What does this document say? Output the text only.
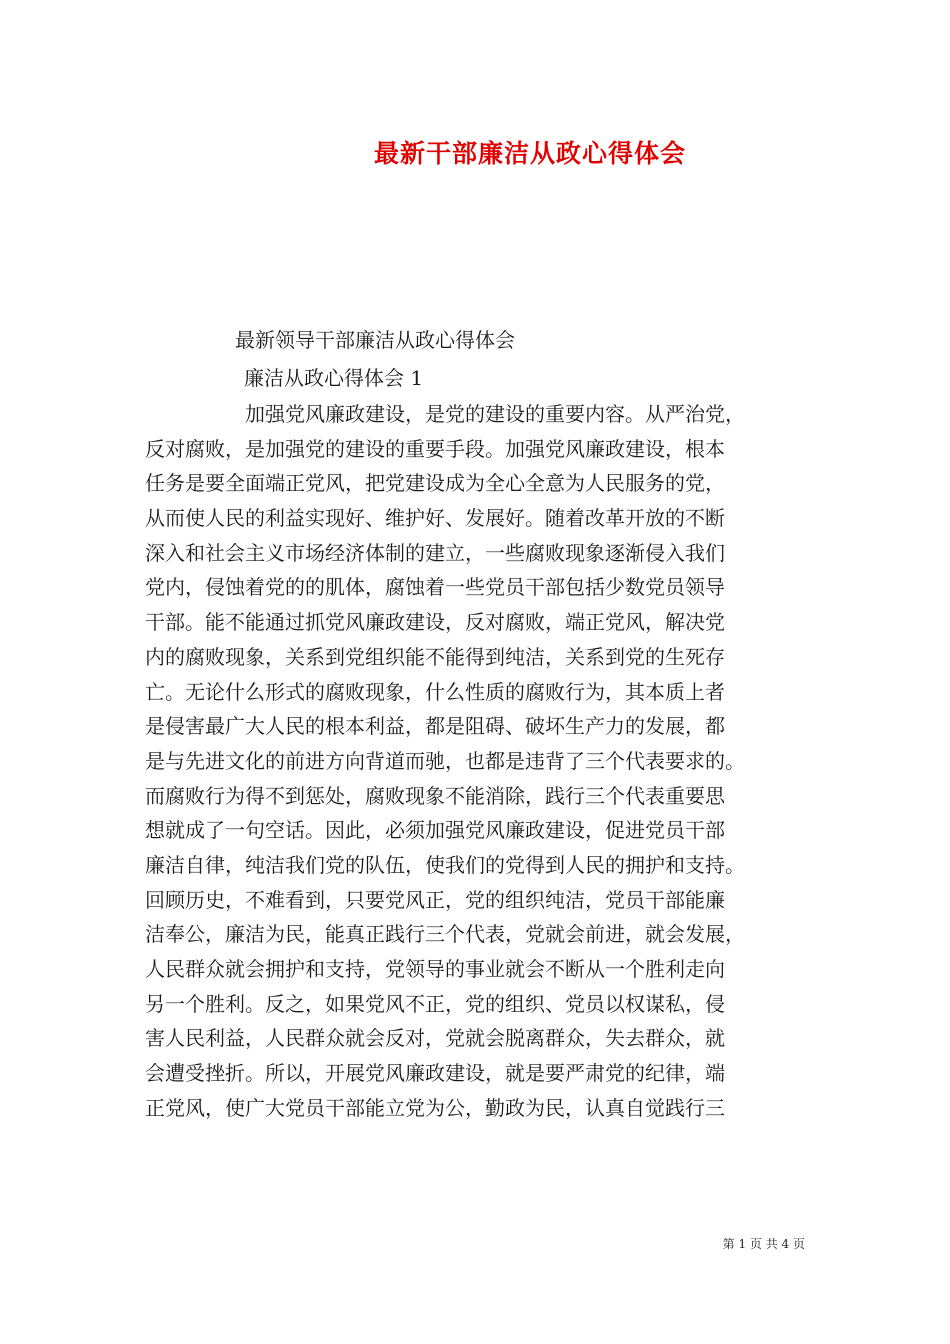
最新干部廉洁从政心得体会
最新领导干部廉洁从政心得体会
廉洁从政心得体会 1
加强党风廉政建设，是党的建设的重要内容。从严治党，
反对腐败，是加强党的建设的重要手段。加强党风廉政建设，根本
任务是要全面端正党风，把党建设成为全心全意为人民服务的党，
从而使人民的利益实现好、维护好、发展好。随着改革开放的不断
深入和社会主义市场经济体制的建立，一些腐败现象逐渐侵入我们
党内，侵蚀着党的的肌体，腐蚀着一些党员干部包括少数党员领导
干部。能不能通过抓党风廉政建设，反对腐败，端正党风，解决党
内的腐败现象，关系到党组织能不能得到纯洁，关系到党的生死存
亡。无论什么形式的腐败现象，什么性质的腐败行为，其本质上者
是侵害最广大人民的根本利益，都是阻碍、破坏生产力的发展，都
是与先进文化的前进方向背道而驰，也都是违背了三个代表要求的。
而腐败行为得不到惩处，腐败现象不能消除，践行三个代表重要思
想就成了一句空话。因此，必须加强党风廉政建设，促进党员干部
廉洁自律，纯洁我们党的队伍，使我们的党得到人民的拥护和支持。
回顾历史，不难看到，只要党风正，党的组织纯洁，党员干部能廉
洁奉公，廉洁为民，能真正践行三个代表，党就会前进，就会发展，
人民群众就会拥护和支持，党领导的事业就会不断从一个胜利走向
另一个胜利。反之，如果党风不正，党的组织、党员以权谋私，侵
害人民利益，人民群众就会反对，党就会脱离群众，失去群众，就
会遭受挫折。所以，开展党风廉政建设，就是要严肃党的纪律，端
正党风，使广大党员干部能立党为公，勤政为民，认真自觉践行三
第 1 页 共 4 页
